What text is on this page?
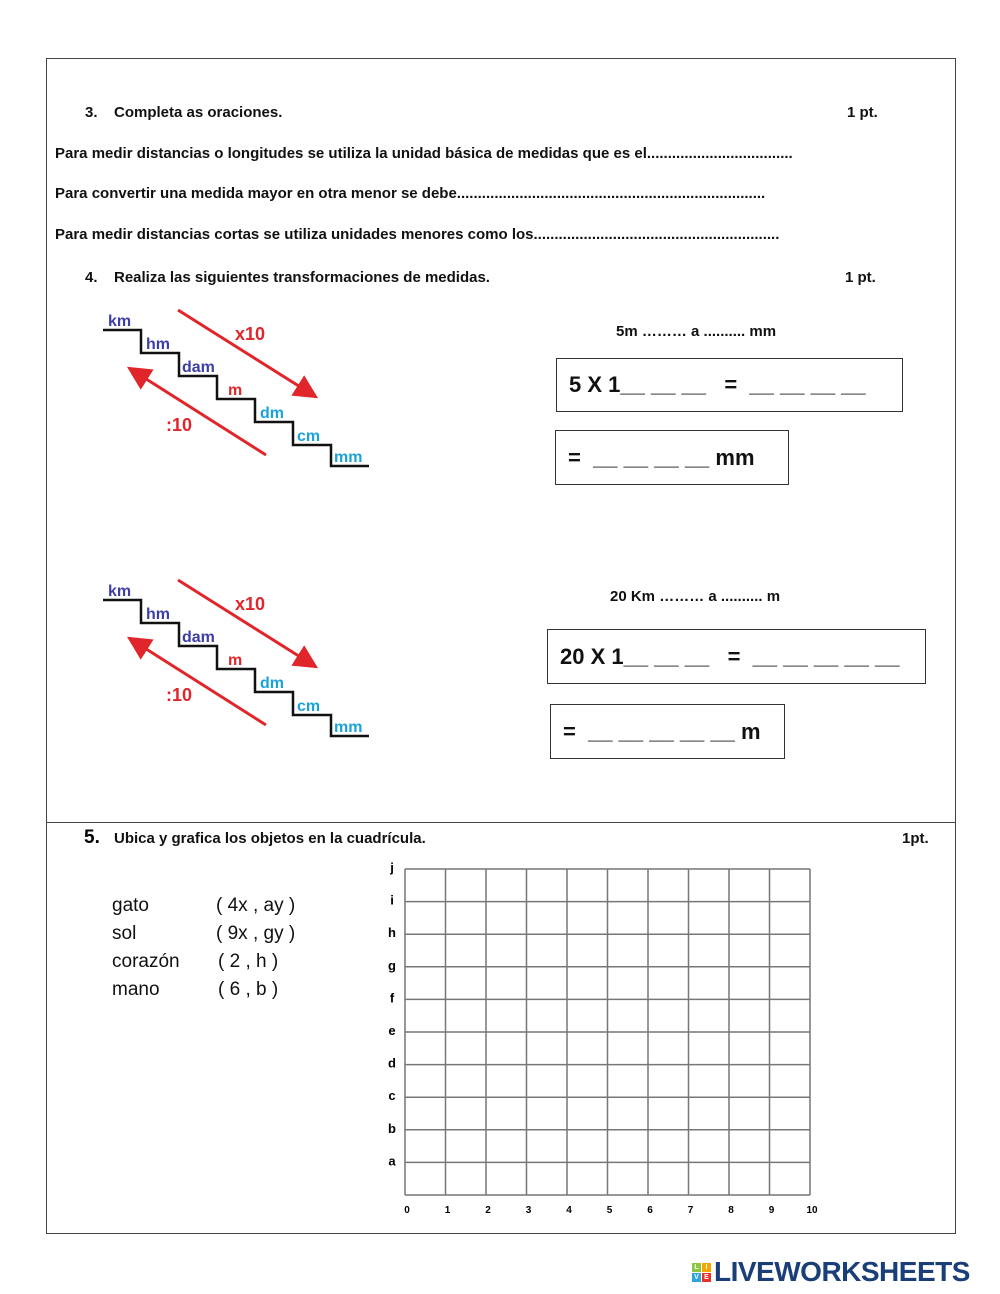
3. Completa as oraciones.	1 pt.
Para medir distancias o longitudes se utiliza la unidad básica de medidas que es el...................................
Para convertir una medida mayor en otra menor se debe..........................................................................
Para medir distancias cortas se utiliza unidades menores como los...........................................................
4. Realiza las siguientes transformaciones de medidas.	1 pt.
km
hm
dam
m
dm
cm
mm
x10
:10
km
hm
dam
m
dm
cm
mm
x10
:10
5m ……… a .......... mm
5 X 1__ __ __   =  __ __ __ __
=  __ __ __ __ mm
20 Km ……… a .......... m
20 X 1__ __ __   =  __ __ __ __ __
=  __ __ __ __ __ m
5. Ubica y grafica los objetos en la cuadrícula.	1pt.
gato	( 4x , ay )
sol	( 9x , gy )
corazón ( 2 , h )
mano	( 6 , b )
0	1	2	3	4	5	6	7	8	9	10
a
b
c
d
e
f
g
h
i
j
L I
V E LIVEWORKSHEETS
